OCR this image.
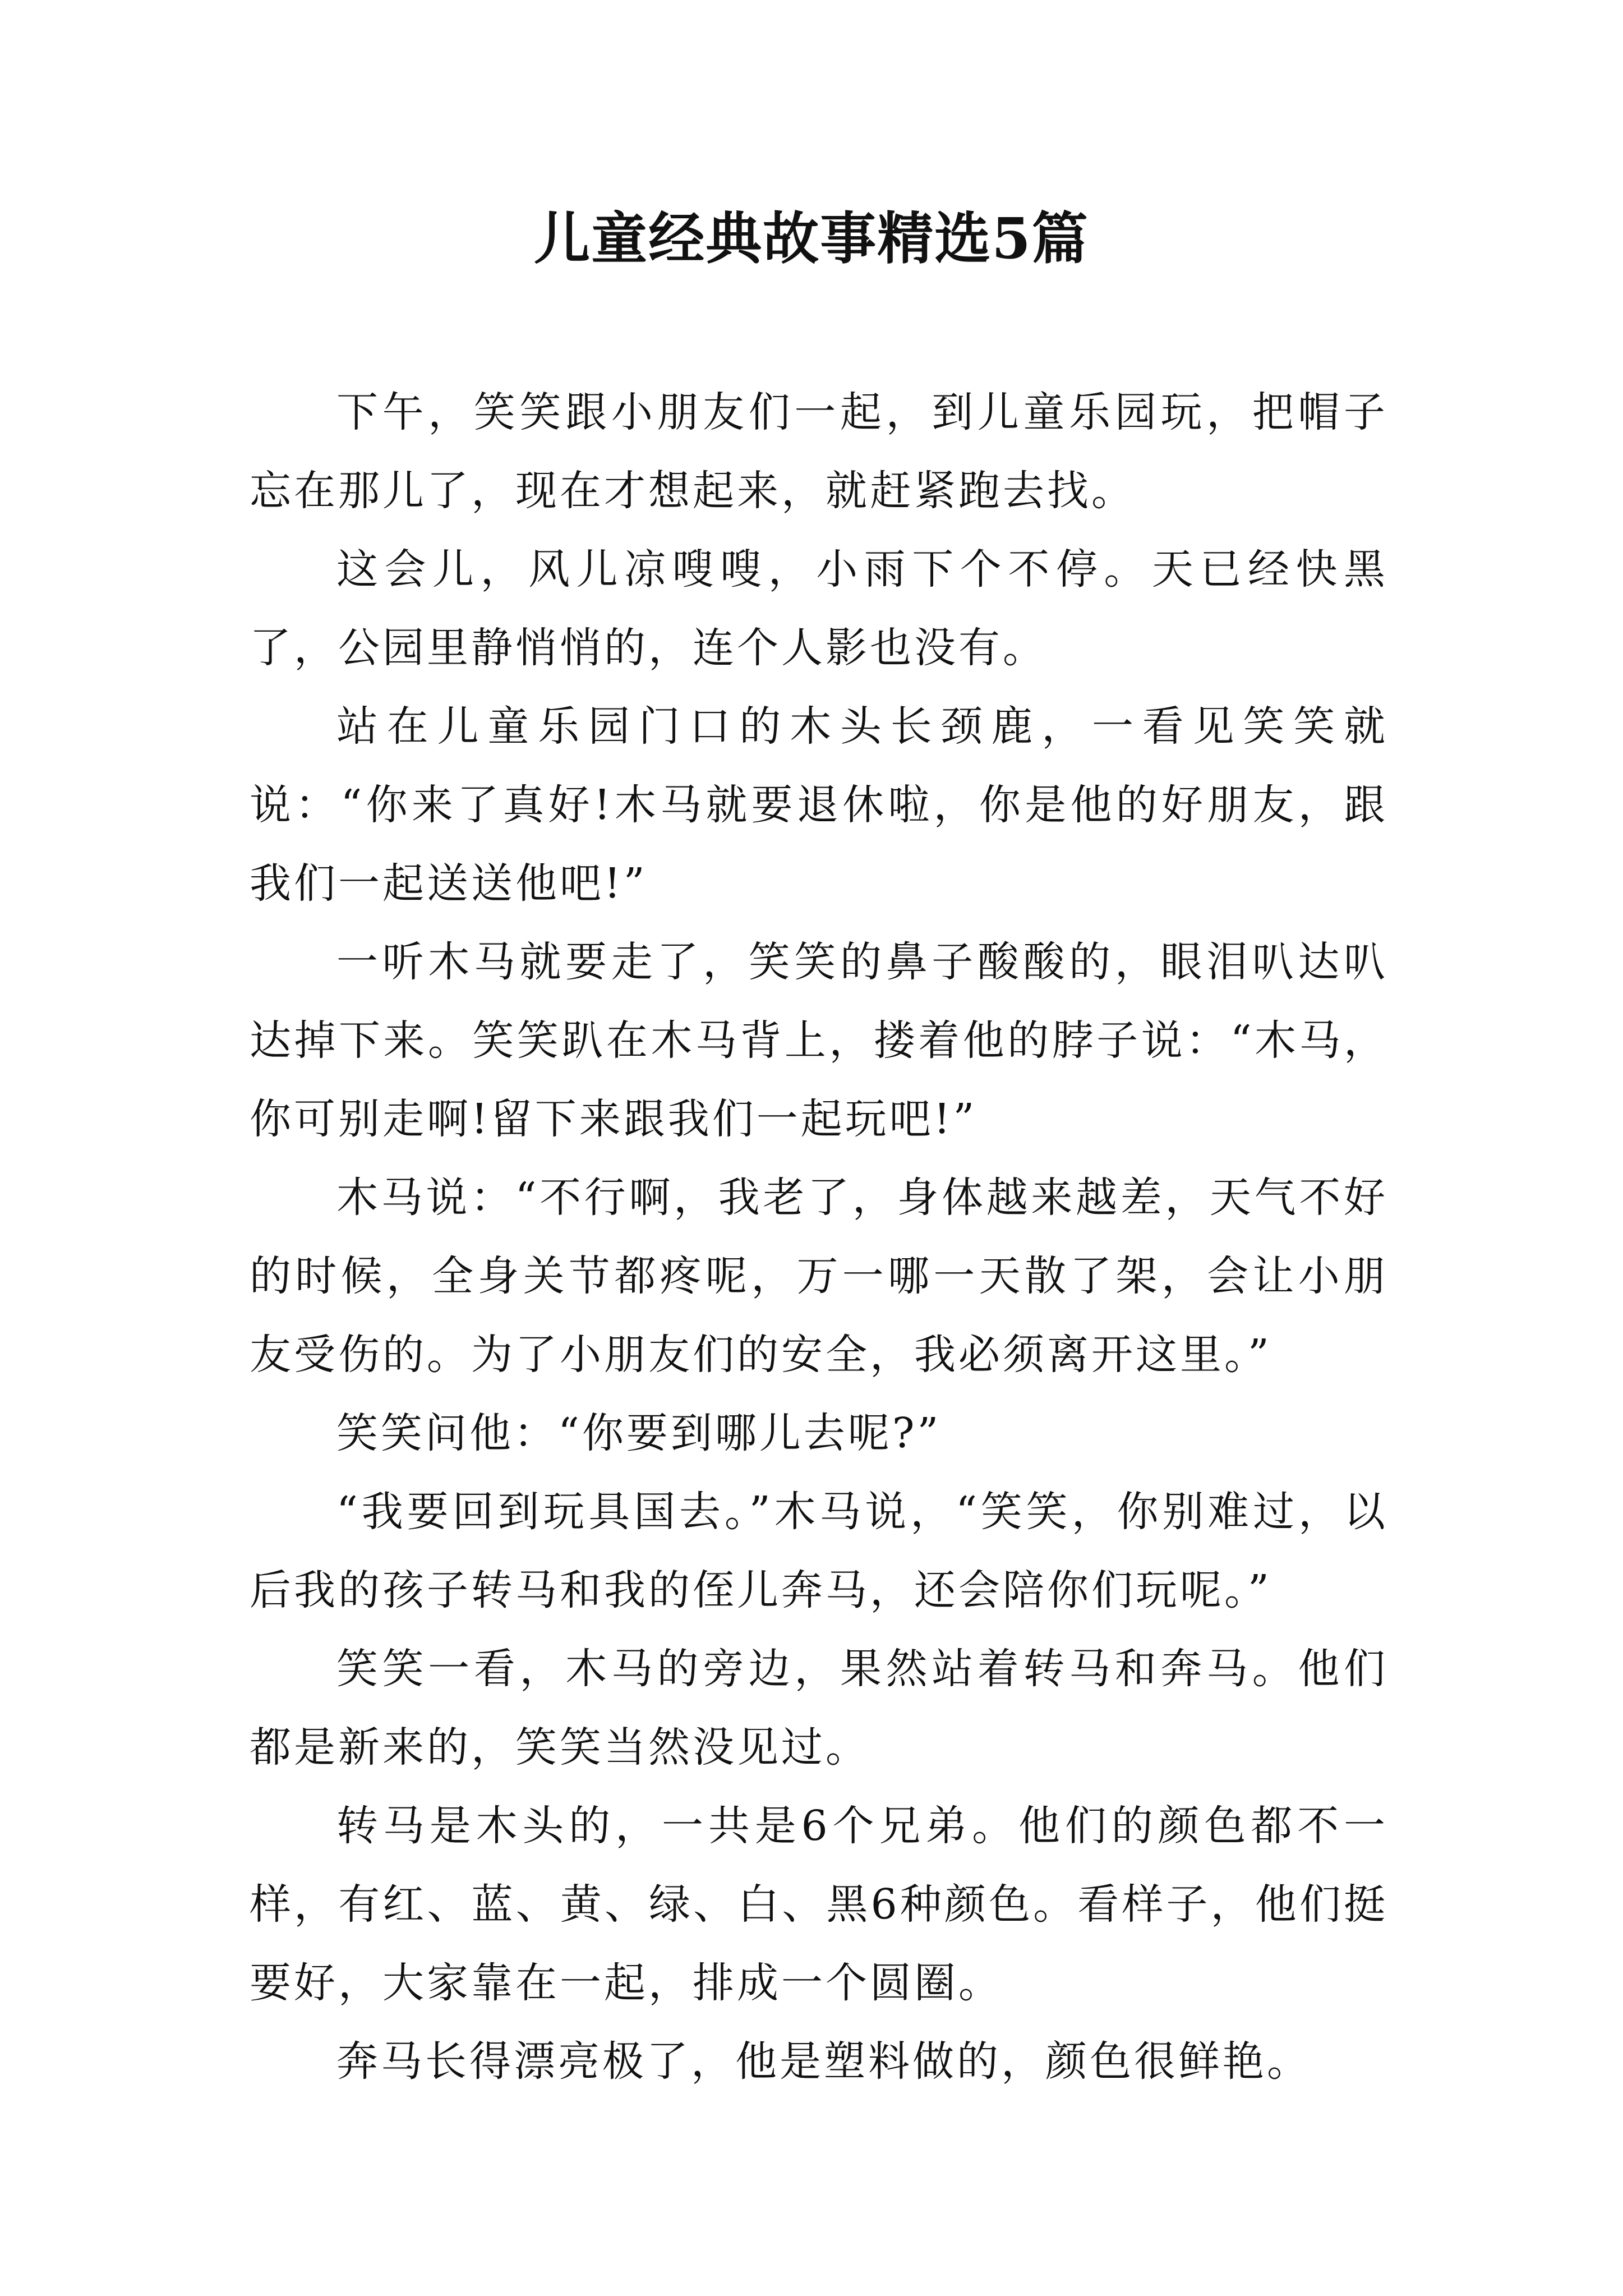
儿童经典故事精选5篇

下午，笑笑跟小朋友们一起，到儿童乐园玩，把帽子忘在那儿了，现在才想起来，就赶紧跑去找。

这会儿，风儿凉嗖嗖，小雨下个不停。天已经快黑了，公园里静悄悄的，连个人影也没有。

站在儿童乐园门口的木头长颈鹿，一看见笑笑就说：“你来了真好!木马就要退休啦，你是他的好朋友，跟我们一起送送他吧!”

一听木马就要走了，笑笑的鼻子酸酸的，眼泪叭达叭达掉下来。笑笑趴在木马背上，搂着他的脖子说：“木马，你可别走啊!留下来跟我们一起玩吧!”

木马说：“不行啊，我老了，身体越来越差，天气不好的时候，全身关节都疼呢，万一哪一天散了架，会让小朋友受伤的。为了小朋友们的安全，我必须离开这里。”

笑笑问他：“你要到哪儿去呢?”

“我要回到玩具国去。”木马说，“笑笑，你别难过，以后我的孩子转马和我的侄儿奔马，还会陪你们玩呢。”

笑笑一看，木马的旁边，果然站着转马和奔马。他们都是新来的，笑笑当然没见过。

转马是木头的，一共是6个兄弟。他们的颜色都不一样，有红、蓝、黄、绿、白、黑6种颜色。看样子，他们挺要好，大家靠在一起，排成一个圆圈。

奔马长得漂亮极了，他是塑料做的，颜色很鲜艳。
